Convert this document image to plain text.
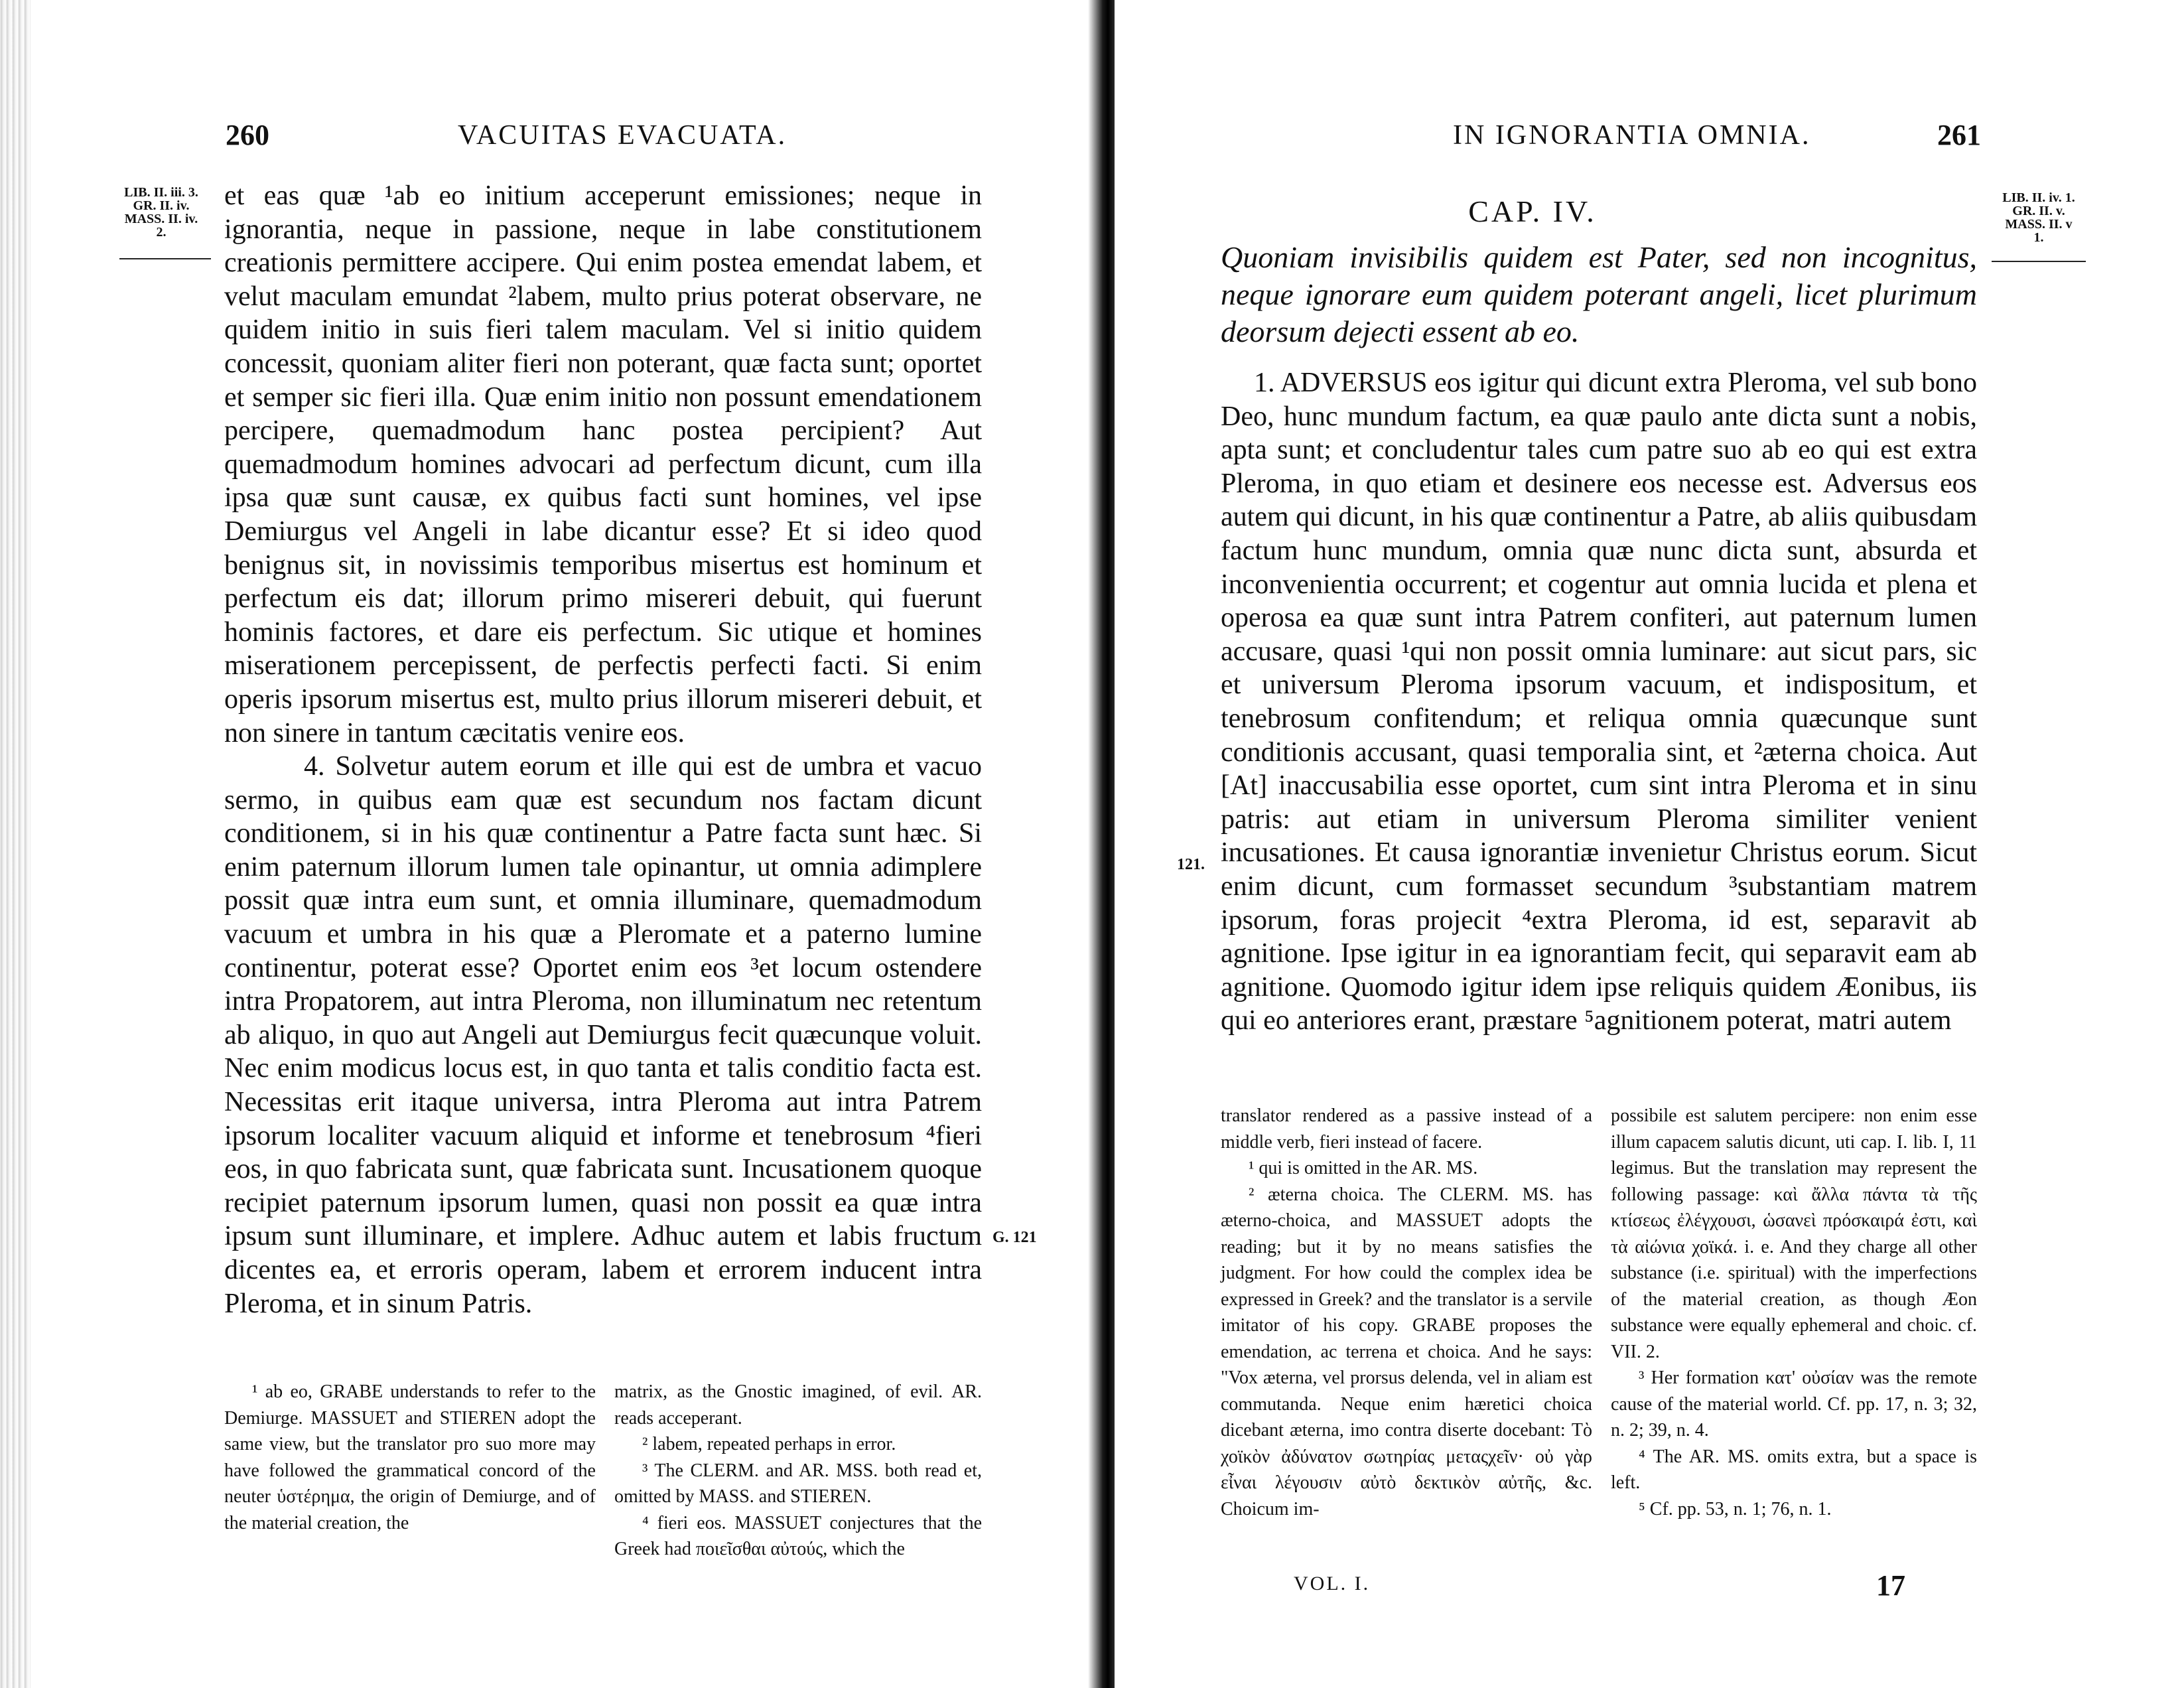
260	VACUITAS EVACUATA.
LIB. II. iii. 3.
GR. II. iv.
MASS. II. iv.
2.

et eas quæ ¹ab eo initium acceperunt emissiones; neque in ignorantia, neque in passione, neque in labe constitutionem creationis permittere accipere. Qui enim postea emendat labem, et velut maculam emundat ²labem, multo prius poterat observare, ne quidem initio in suis fieri talem maculam. Vel si initio quidem concessit, quoniam aliter fieri non poterant, quæ facta sunt; oportet et semper sic fieri illa. Quæ enim initio non possunt emendationem percipere, quemadmodum hanc postea percipient? Aut quemadmodum homines advocari ad perfectum dicunt, cum illa ipsa quæ sunt causæ, ex quibus facti sunt homines, vel ipse Demiurgus vel Angeli in labe dicantur esse? Et si ideo quod benignus sit, in novissimis temporibus misertus est hominum et perfectum eis dat; illorum primo misereri debuit, qui fuerunt hominis factores, et dare eis perfectum. Sic utique et homines miserationem percepissent, de perfectis perfecti facti. Si enim operis ipsorum misertus est, multo prius illorum misereri debuit, et non sinere in tantum cæcitatis venire eos.

4. Solvetur autem eorum et ille qui est de umbra et vacuo sermo, in quibus eam quæ est secundum nos factam dicunt conditionem, si in his quæ continentur a Patre facta sunt hæc. Si enim paternum illorum lumen tale opinantur, ut omnia adimplere possit quæ intra eum sunt, et omnia illuminare, quemadmodum vacuum et umbra in his quæ a Pleromate et a paterno lumine continentur, poterat esse? Oportet enim eos ³et locum ostendere intra Propatorem, aut intra Pleroma, non illuminatum nec retentum ab aliquo, in quo aut Angeli aut Demiurgus fecit quæcunque voluit. Nec enim modicus locus est, in quo tanta et talis conditio facta est. Necessitas erit itaque universa, intra Pleroma aut intra Patrem ipsorum localiter vacuum aliquid et informe et tenebrosum ⁴fieri eos, in quo fabricata sunt, quæ fabricata sunt. Incusationem quoque recipiet paternum ipsorum lumen, quasi non possit ea quæ intra ipsum sunt illuminare, et implere. Adhuc autem et labis fructum dicentes ea, et erroris operam, labem et errorem inducent intra Pleroma, et in sinum Patris.

G. 121

¹ ab eo, GRABE understands to refer to the Demiurge. MASSUET and STIEREN adopt the same view, but the translator pro suo more may have followed the grammatical concord of the neuter ὑστέρημα, the origin of Demiurge, and of the material creation, the

matrix, as the Gnostic imagined, of evil. AR. reads acceperant.

² labem, repeated perhaps in error.

³ The CLERM. and AR. MSS. both read et, omitted by MASS. and STIEREN.

⁴ fieri eos. MASSUET conjectures that the Greek had ποιεῖσθαι αὐτούς, which the

IN IGNORANTIA OMNIA.	261
LIB. II. iv. 1.
GR. II. v.
MASS. II. v
1.
CAP. IV.
Quoniam invisibilis quidem est Pater, sed non incognitus, neque ignorare eum quidem poterant angeli, licet plurimum deorsum dejecti essent ab eo.

1. ADVERSUS eos igitur qui dicunt extra Pleroma, vel sub bono Deo, hunc mundum factum, ea quæ paulo ante dicta sunt a nobis, apta sunt; et concludentur tales cum patre suo ab eo qui est extra Pleroma, in quo etiam et desinere eos necesse est. Adversus eos autem qui dicunt, in his quæ continentur a Patre, ab aliis quibusdam factum hunc mundum, omnia quæ nunc dicta sunt, absurda et inconvenientia occurrent; et cogentur aut omnia lucida et plena et operosa ea quæ sunt intra Patrem confiteri, aut paternum lumen accusare, quasi ¹qui non possit omnia luminare: aut sicut pars, sic et universum Pleroma ipsorum vacuum, et indispositum, et tenebrosum confitendum; et reliqua omnia quæcunque sunt conditionis accusant, quasi temporalia sint, et ²æterna choica. Aut [At] inaccusabilia esse oportet, cum sint intra Pleroma et in sinu patris: aut etiam in universum Pleroma similiter venient incusationes. Et causa ignorantiæ invenietur Christus eorum. Sicut enim dicunt, cum formasset secundum ³substantiam matrem ipsorum, foras projecit ⁴extra Pleroma, id est, separavit ab agnitione. Ipse igitur in ea ignorantiam fecit, qui separavit eam ab agnitione. Quomodo igitur idem ipse reliquis quidem Æonibus, iis qui eo anteriores erant, præstare ⁵agnitionem poterat, matri autem

121.

translator rendered as a passive instead of a middle verb, fieri instead of facere.

¹ qui is omitted in the AR. MS.

² æterna choica. The CLERM. MS. has æterno-choica, and MASSUET adopts the reading; but it by no means satisfies the judgment. For how could the complex idea be expressed in Greek? and the translator is a servile imitator of his copy. GRABE proposes the emendation, ac terrena et choica. And he says: "Vox æterna, vel prorsus delenda, vel in aliam est commutanda. Neque enim hæretici choica dicebant æterna, imo contra diserte docebant: Τὸ χοϊκὸν ἀδύνατον σωτηρίας μεταςχεῖν· οὐ γὰρ εἶναι λέγουσιν αὐτὸ δεκτικὸν αὐτῆς, &c. Choicum im-

possibile est salutem percipere: non enim esse illum capacem salutis dicunt, uti cap. I. lib. I, 11 legimus. But the translation may represent the following passage: καὶ ἄλλα πάντα τὰ τῆς κτίσεως ἐλέγχουσι, ὡσανεὶ πρόσκαιρά ἐστι, καὶ τὰ αἰώνια χοϊκά. i. e. And they charge all other substance (i.e. spiritual) with the imperfections of the material creation, as though Æon substance were equally ephemeral and choic. cf. VII. 2.

³ Her formation κατ' οὐσίαν was the remote cause of the material world. Cf. pp. 17, n. 3; 32, n. 2; 39, n. 4.

⁴ The AR. MS. omits extra, but a space is left.

⁵ Cf. pp. 53, n. 1; 76, n. 1.

VOL. I.	17
